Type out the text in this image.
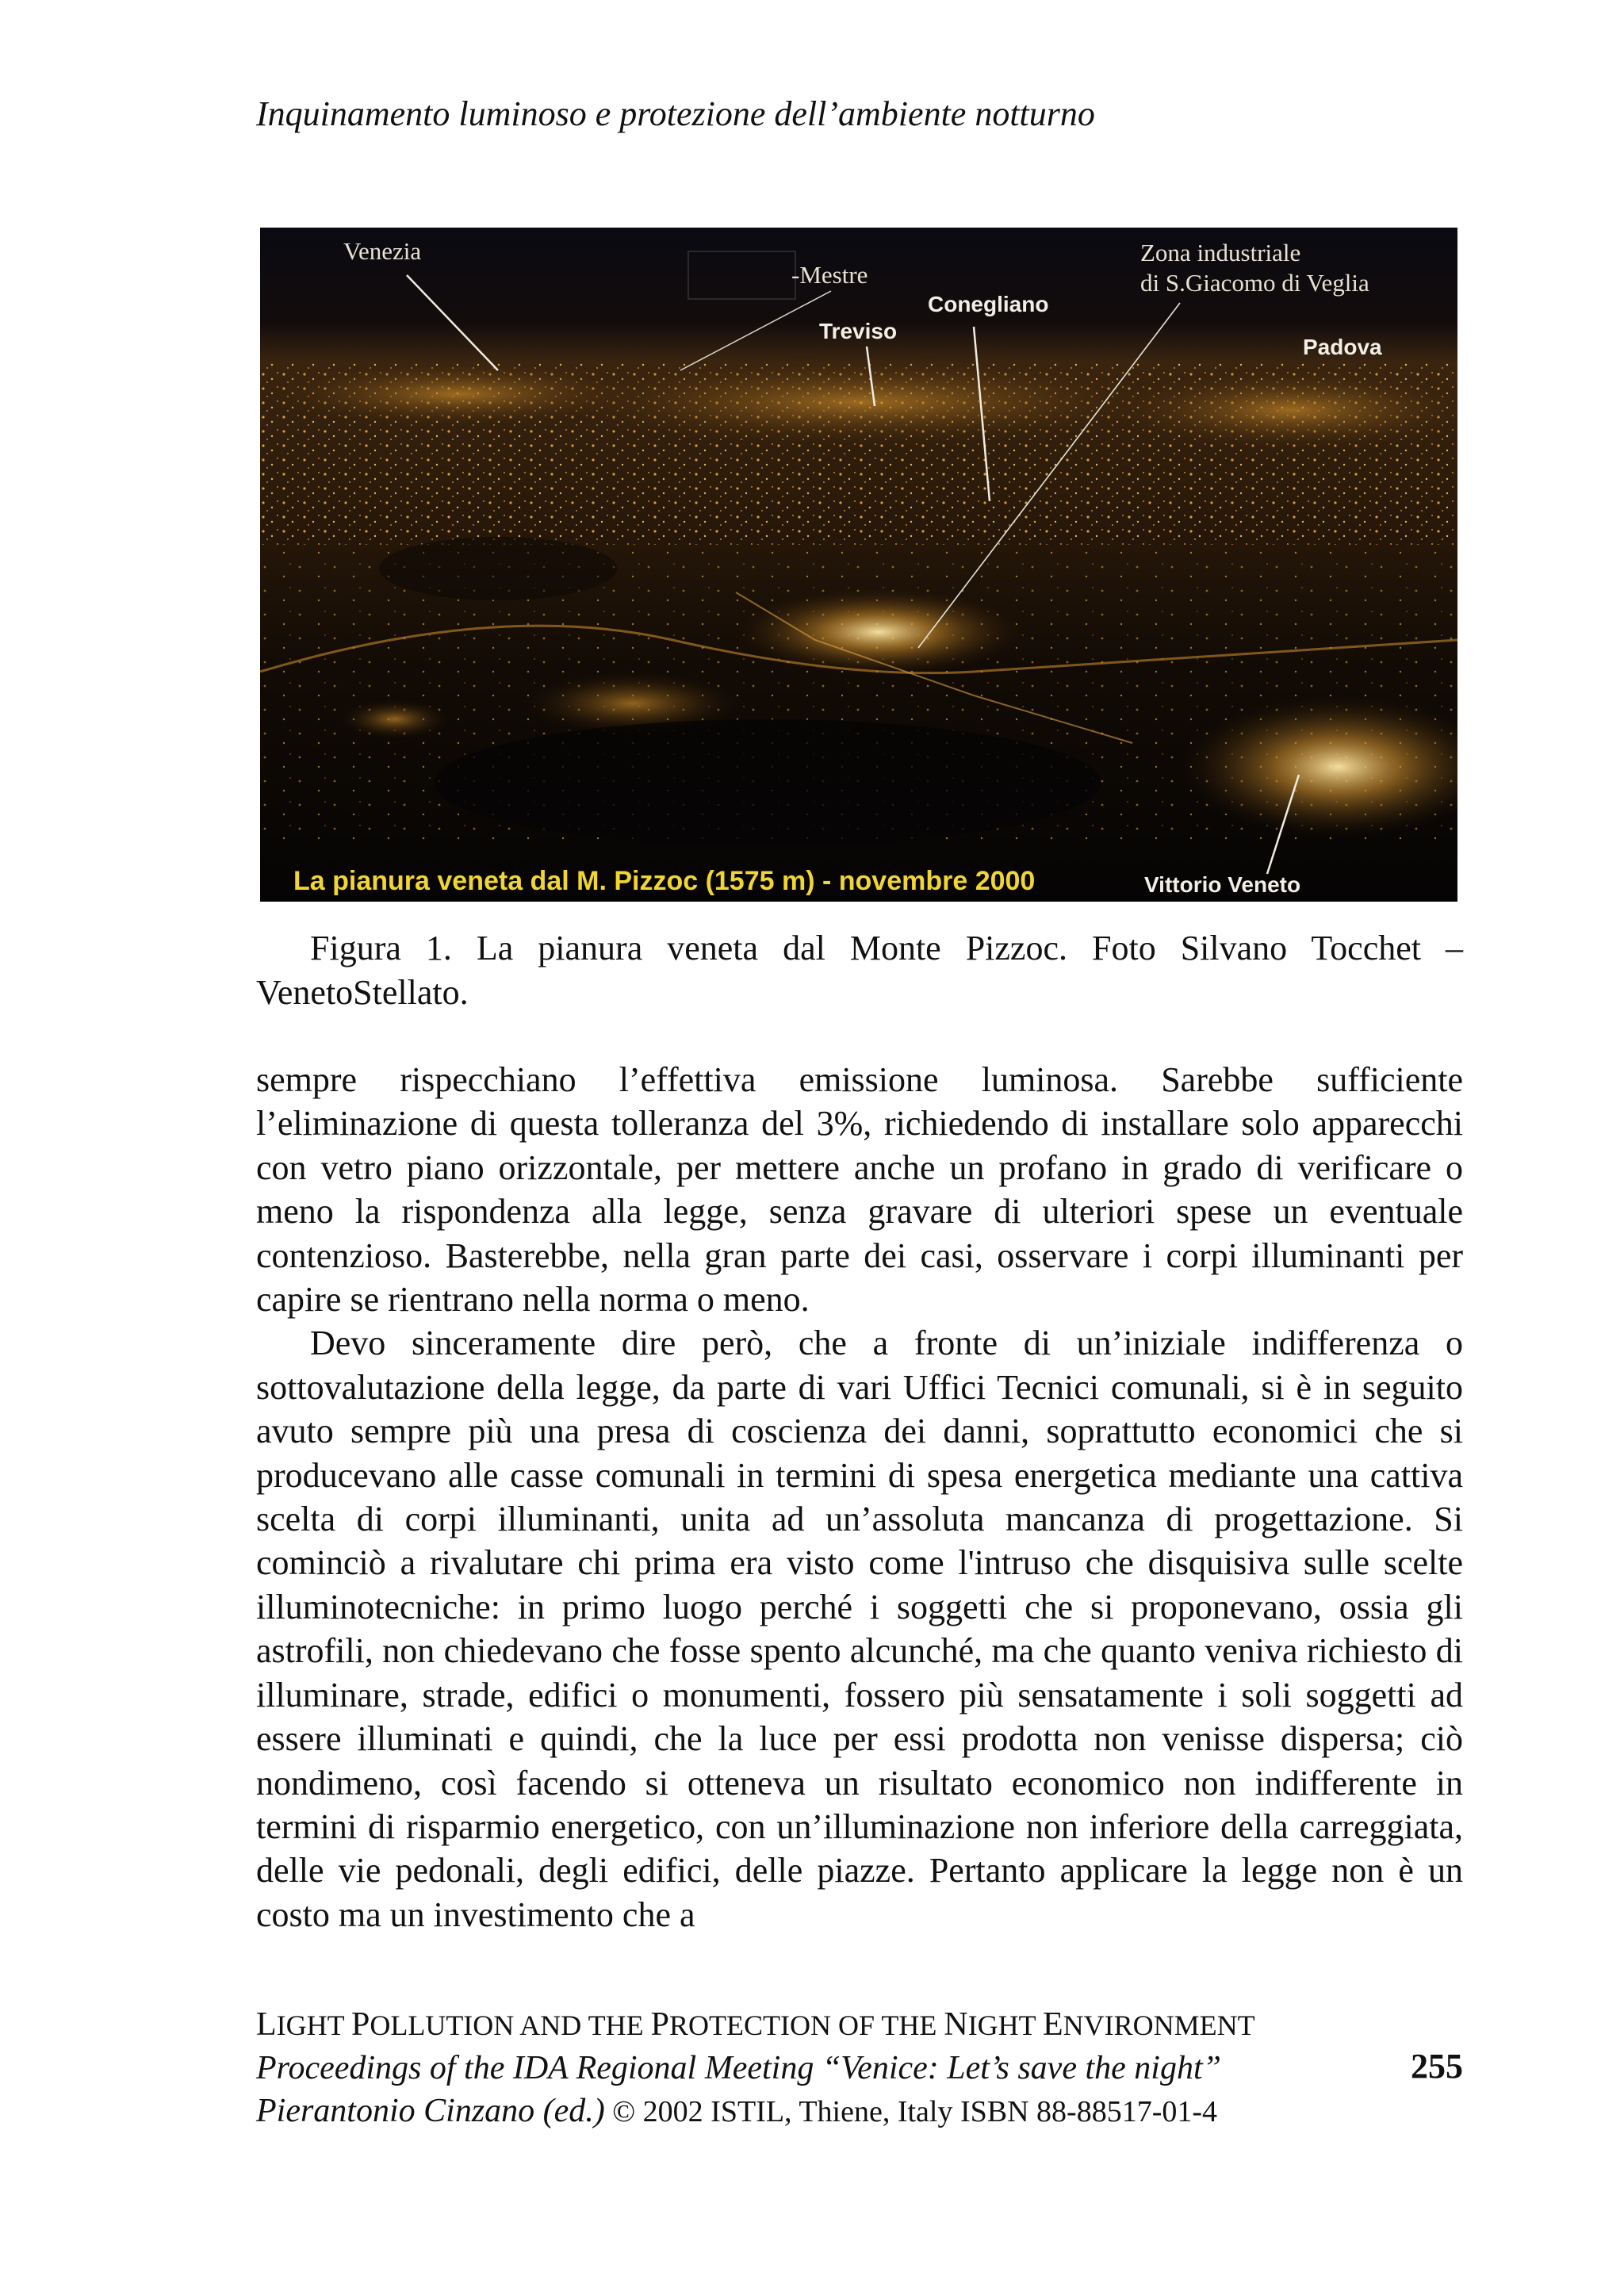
Inquinamento luminoso e protezione dell’ambiente notturno
Venezia
-Mestre
Treviso
Conegliano
Zona industriale
di S.Giacomo di Veglia
Padova
Vittorio Veneto
La pianura veneta dal M. Pizzoc (1575 m) - novembre 2000
Figura 1. La pianura veneta dal Monte Pizzoc. Foto Silvano Tocchet –
VenetoStellato.

sempre rispecchiano l’effettiva emissione luminosa. Sarebbe sufficiente l’eliminazione di questa tolleranza del 3%, richiedendo di installare solo apparecchi con vetro piano orizzontale, per mettere anche un profano in grado di verificare o meno la rispondenza alla legge, senza gravare di ulteriori spese un eventuale contenzioso. Basterebbe, nella gran parte dei casi, osservare i corpi illuminanti per capire se rientrano nella norma o meno.

Devo sinceramente dire però, che a fronte di un’iniziale indifferenza o sottovalutazione della legge, da parte di vari Uffici Tecnici comunali, si è in seguito avuto sempre più una presa di coscienza dei danni, soprattutto economici che si producevano alle casse comunali in termini di spesa energetica mediante una cattiva scelta di corpi illuminanti, unita ad un’assoluta mancanza di progettazione. Si cominciò a rivalutare chi prima era visto come l'intruso che disquisiva sulle scelte illuminotecniche: in primo luogo perché i soggetti che si proponevano, ossia gli astrofili, non chiedevano che fosse spento alcunché, ma che quanto veniva richiesto di illuminare, strade, edifici o monumenti, fossero più sensatamente i soli soggetti ad essere illuminati e quindi, che la luce per essi prodotta non venisse dispersa; ciò nondimeno, così facendo si otteneva un risultato economico non indifferente in termini di risparmio energetico, con un’illuminazione non inferiore della carreggiata, delle vie pedonali, degli edifici, delle piazze. Pertanto applicare la legge non è un costo ma un investimento che a

LIGHT POLLUTION AND THE PROTECTION OF THE NIGHT ENVIRONMENT
Proceedings of the IDA Regional Meeting “Venice: Let’s save the night”
Pierantonio Cinzano (ed.) © 2002 ISTIL, Thiene, Italy ISBN 88-88517-01-4
255
